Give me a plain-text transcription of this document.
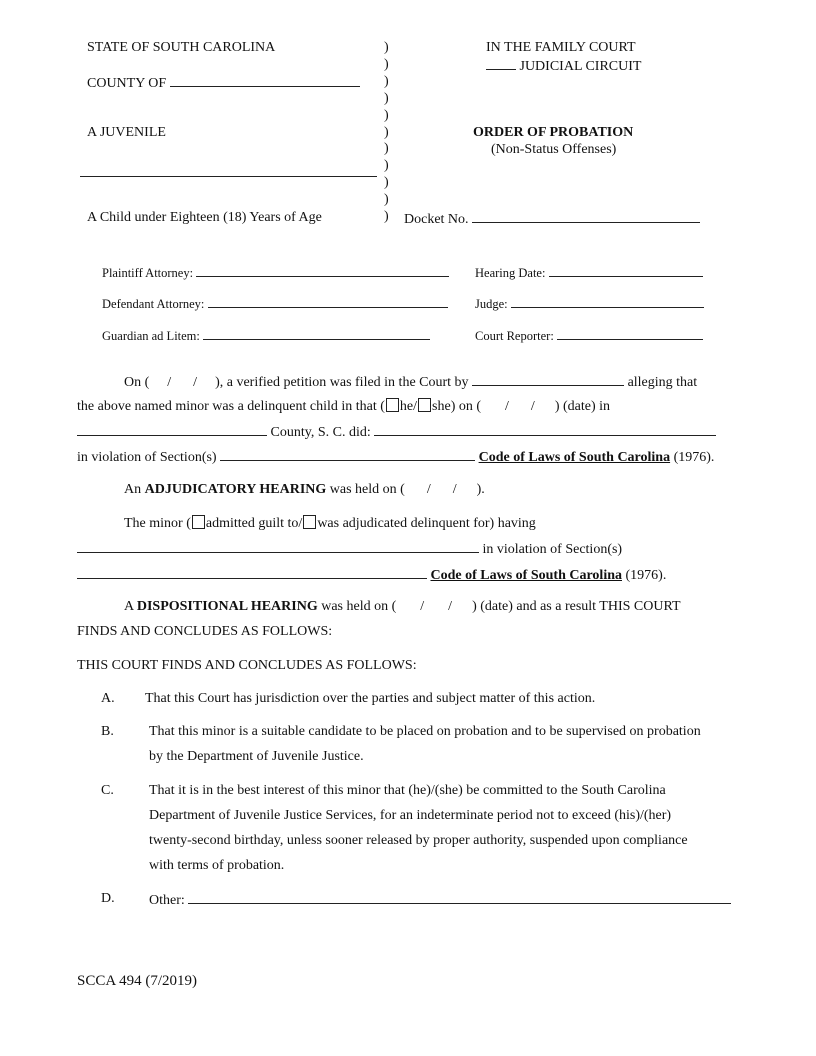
STATE OF SOUTH CAROLINA
COUNTY OF
A JUVENILE
A Child under Eighteen (18) Years of Age
)
)
)
)
)
)
)
)
)
)
)
IN THE FAMILY COURT
JUDICIAL CIRCUIT
ORDER OF PROBATION
(Non-Status Offenses)
Docket No.
Plaintiff Attorney:
Defendant Attorney:
Guardian ad Litem:
Hearing Date:
Judge:
Court Reporter:
On ( / / ), a verified petition was filed in the Court by	alleging that
the above named minor was a delinquent child in that ( he/ she) on ( / / ) (date) in
County, S. C. did:
in violation of Section(s)	Code of Laws of South Carolina (1976).
An ADJUDICATORY HEARING was held on ( / / ).
The minor ( admitted guilt to/ was adjudicated delinquent for) having
in violation of Section(s)
Code of Laws of South Carolina (1976).
A DISPOSITIONAL HEARING was held on ( / / ) (date) and as a result THIS COURT
FINDS AND CONCLUDES AS FOLLOWS:
THIS COURT FINDS AND CONCLUDES AS FOLLOWS:
A. That this Court has jurisdiction over the parties and subject matter of this action.
B.	That this minor is a suitable candidate to be placed on probation and to be supervised on probation
by the Department of Juvenile Justice.
C.	That it is in the best interest of this minor that (he)/(she) be committed to the South Carolina
Department of Juvenile Justice Services, for an indeterminate period not to exceed (his)/(her)
twenty-second birthday, unless sooner released by proper authority, suspended upon compliance
with terms of probation.
D. Other:
SCCA 494 (7/2019)
